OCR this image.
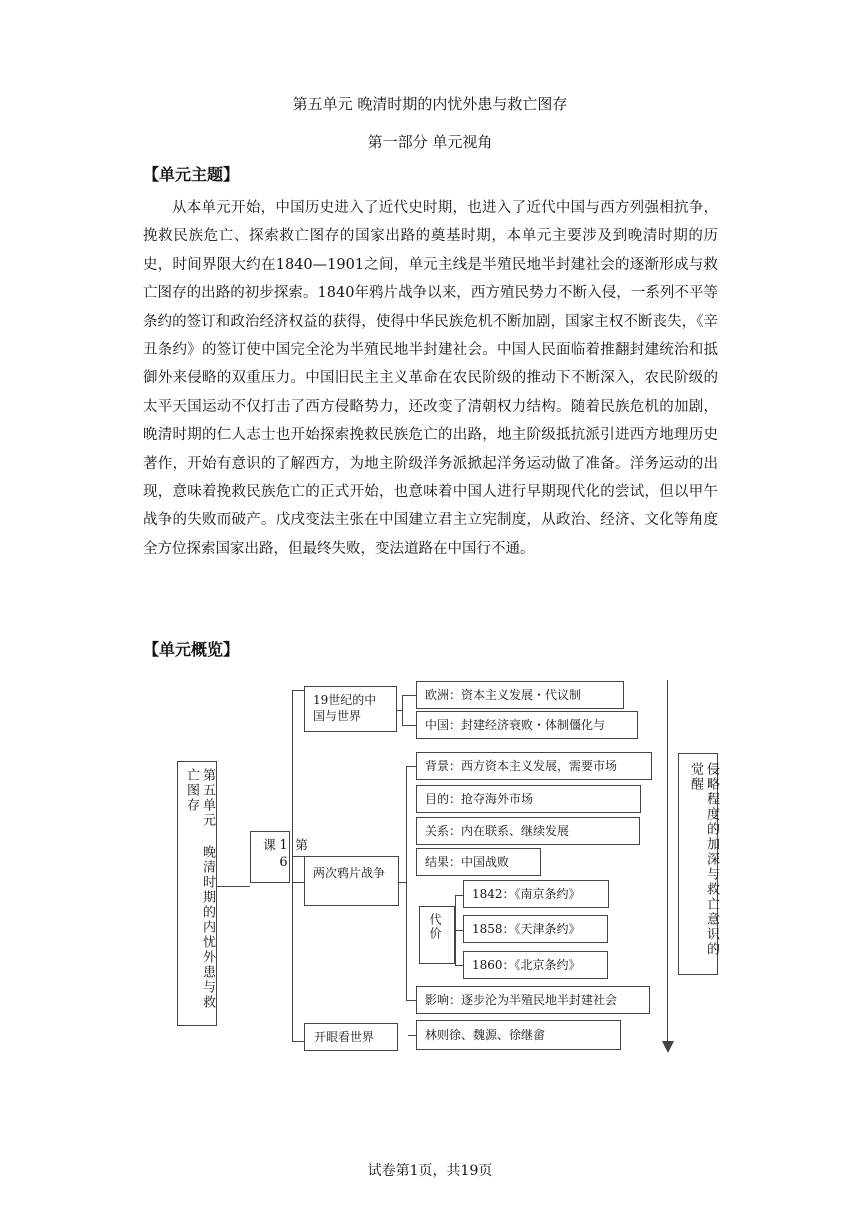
第五单元 晚清时期的内忧外患与救亡图存
第一部分 单元视角
【单元主题】
从本单元开始，中国历史进入了近代史时期，也进入了近代中国与西方列强相抗争，挽救民族危亡、探索救亡图存的国家出路的奠基时期，本单元主要涉及到晚清时期的历史，时间界限大约在1840—1901之间，单元主线是半殖民地半封建社会的逐渐形成与救亡图存的出路的初步探索。1840年鸦片战争以来，西方殖民势力不断入侵，一系列不平等条约的签订和政治经济权益的获得，使得中华民族危机不断加剧，国家主权不断丧失，《辛丑条约》的签订使中国完全沦为半殖民地半封建社会。中国人民面临着推翻封建统治和抵御外来侵略的双重压力。中国旧民主主义革命在农民阶级的推动下不断深入，农民阶级的太平天国运动不仅打击了西方侵略势力，还改变了清朝权力结构。随着民族危机的加剧，晚清时期的仁人志士也开始探索挽救民族危亡的出路，地主阶级抵抗派引进西方地理历史著作，开始有意识的了解西方，为地主阶级洋务派掀起洋务运动做了准备。洋务运动的出现，意味着挽救民族危亡的正式开始，也意味着中国人进行早期现代化的尝试，但以甲午战争的失败而破产。戊戌变法主张在中国建立君主立宪制度，从政治、经济、文化等角度全方位探索国家出路，但最终失败，变法道路在中国行不通。
【单元概览】
第五单元 晚清时期的内忧外患与救亡图存
第16课
19世纪的中国与世界
两次鸦片战争
开眼看世界
欧洲：资本主义发展・代议制
中国：封建经济衰败・体制僵化与
背景：西方资本主义发展，需要市场
目的：抢夺海外市场
关系：内在联系、继续发展
结果：中国战败
代价
1842：《南京条约》
1858：《天津条约》
1860：《北京条约》
影响：逐步沦为半殖民地半封建社会
林则徐、魏源、徐继畲
侵略程度的加深与救亡意识的觉醒
试卷第1页，共19页
